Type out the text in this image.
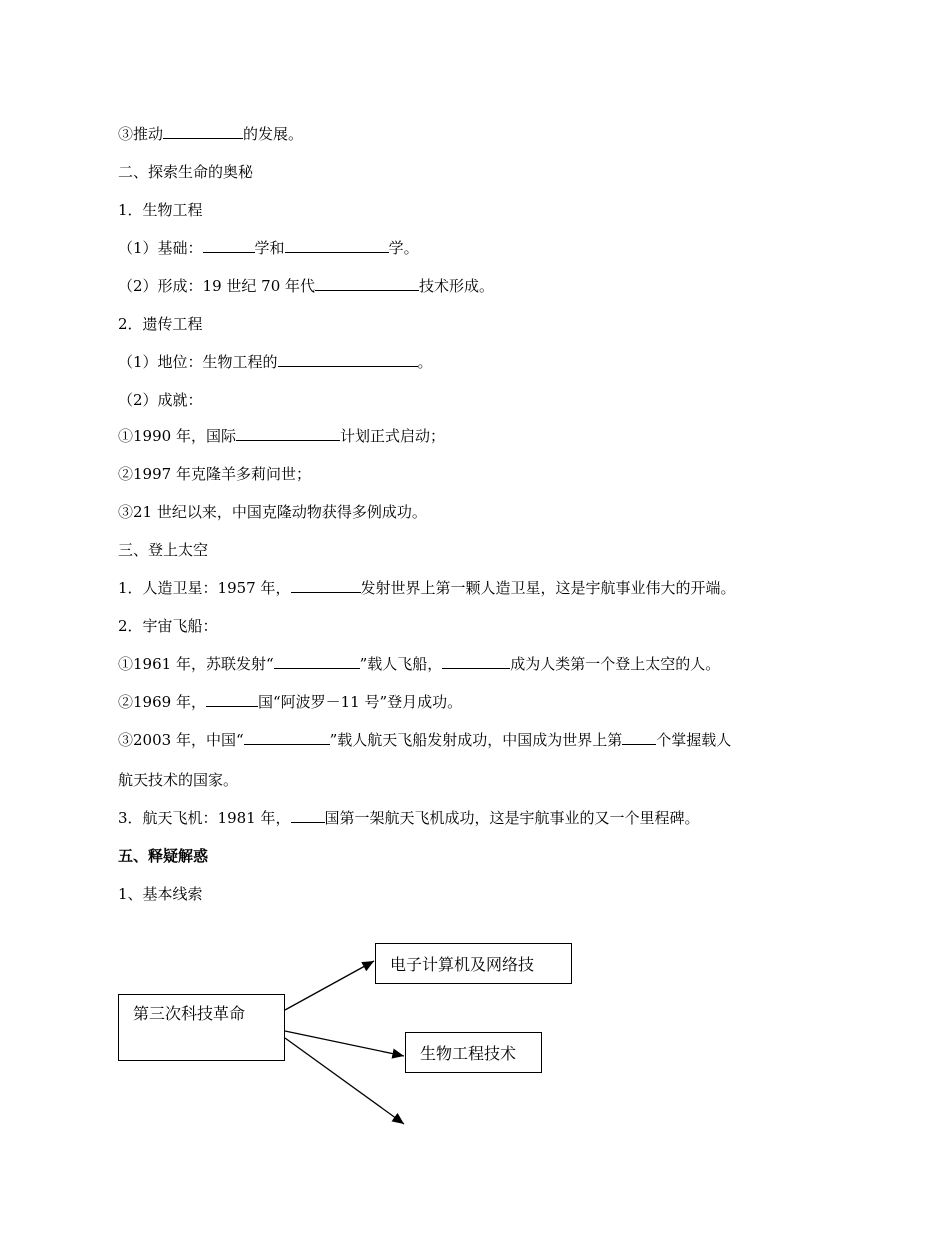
③推动	的发展。
二、探索生命的奥秘
1．生物工程
（1）基础：	学和	学。
（2）形成：19 世纪 70 年代	技术形成。
2．遗传工程
（1）地位：生物工程的	。
（2）成就：
①1990 年，国际	计划正式启动；
②1997 年克隆羊多莉问世；
③21 世纪以来，中国克隆动物获得多例成功。
三、登上太空
1．人造卫星：1957 年，	发射世界上第一颗人造卫星，这是宇航事业伟大的开端。
2．宇宙飞船：
①1961 年，苏联发射“	”载人飞船，	成为人类第一个登上太空的人。
②1969 年，	国“阿波罗－11 号”登月成功。
③2003 年，中国“	”载人航天飞船发射成功，中国成为世界上第 个掌握载人
航天技术的国家。
3．航天飞机：1981 年， 国第一架航天飞机成功，这是宇航事业的又一个里程碑。
五、释疑解惑
1、基本线索
第三次科技革命
电子计算机及网络技
生物工程技术
